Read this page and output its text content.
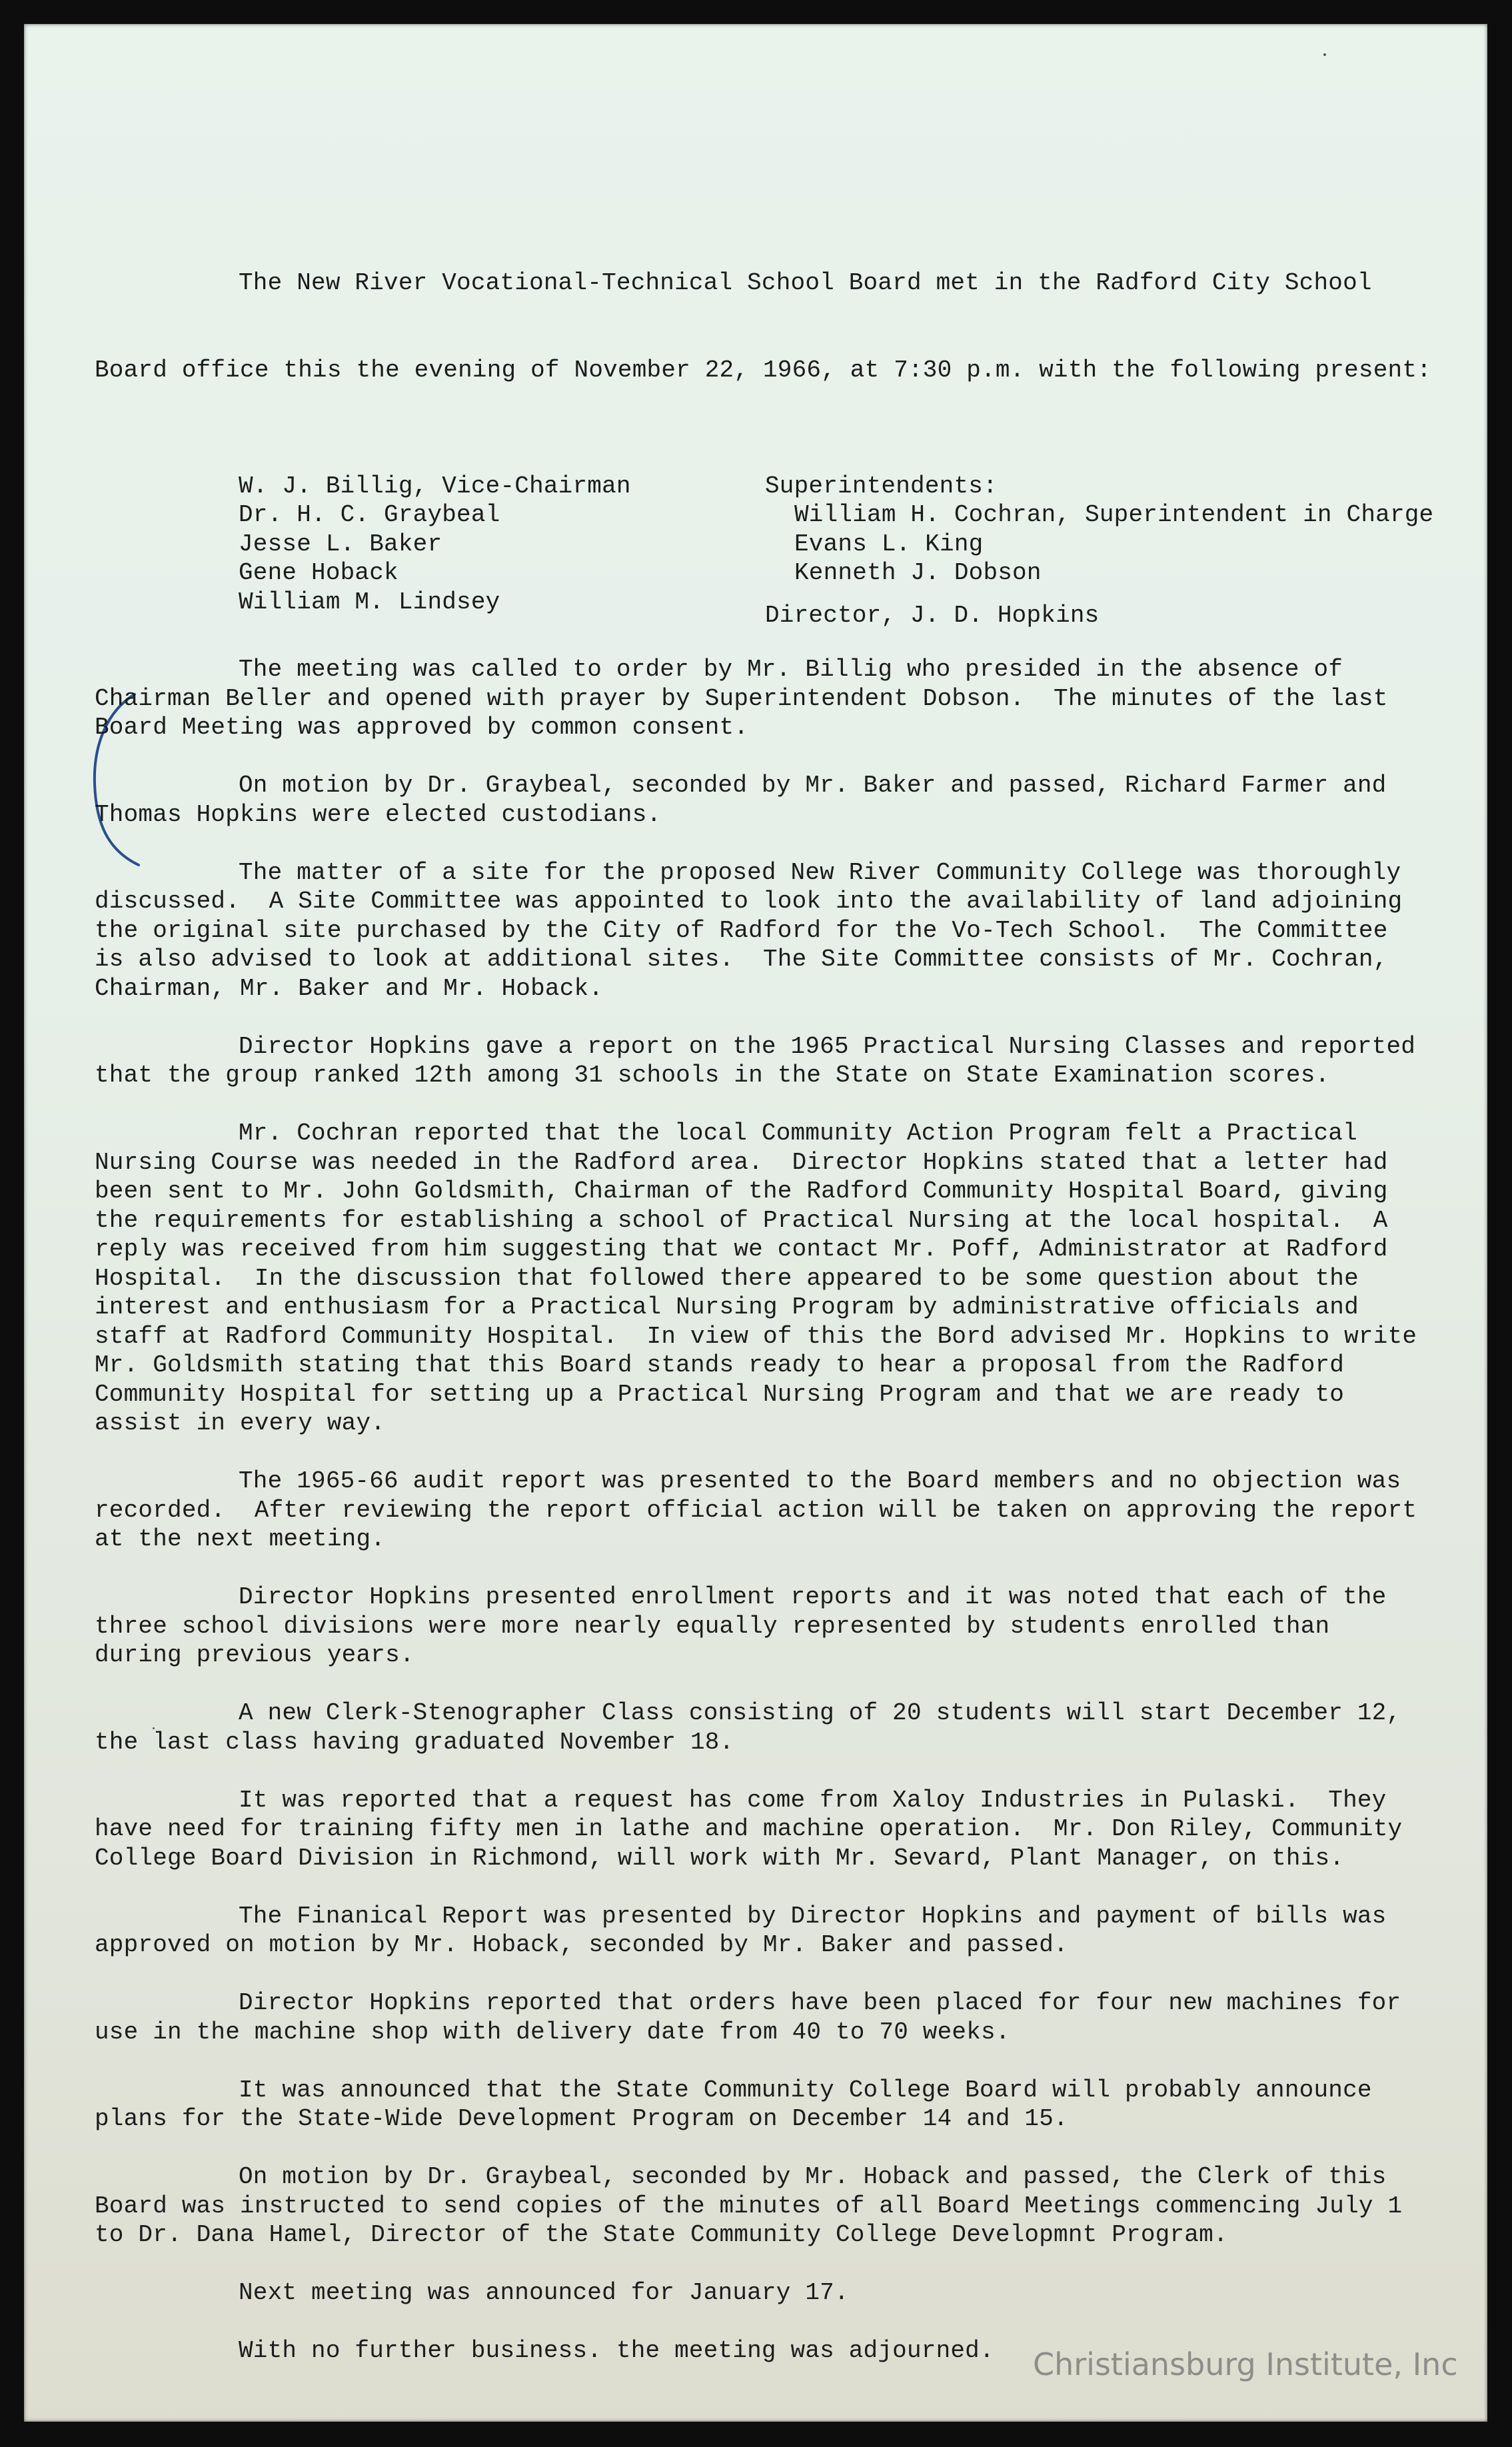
The New River Vocational-Technical School Board met in the Radford City School

Board office this the evening of November 22, 1966, at 7:30 p.m. with the following present:

W. J. Billig, Vice-Chairman
Dr. H. C. Graybeal
Jesse L. Baker
Gene Hoback
William M. Lindsey
Superintendents:
William H. Cochran, Superintendent in Charge
Evans L. King
Kenneth J. Dobson
Director, J. D. Hopkins
The meeting was called to order by Mr. Billig who presided in the absence of
Chairman Beller and opened with prayer by Superintendent Dobson.  The minutes of the last
Board Meeting was approved by common consent.
On motion by Dr. Graybeal, seconded by Mr. Baker and passed, Richard Farmer and
Thomas Hopkins were elected custodians.
The matter of a site for the proposed New River Community College was thoroughly
discussed.  A Site Committee was appointed to look into the availability of land adjoining
the original site purchased by the City of Radford for the Vo-Tech School.  The Committee
is also advised to look at additional sites.  The Site Committee consists of Mr. Cochran,
Chairman, Mr. Baker and Mr. Hoback.
Director Hopkins gave a report on the 1965 Practical Nursing Classes and reported
that the group ranked 12th among 31 schools in the State on State Examination scores.
Mr. Cochran reported that the local Community Action Program felt a Practical
Nursing Course was needed in the Radford area.  Director Hopkins stated that a letter had
been sent to Mr. John Goldsmith, Chairman of the Radford Community Hospital Board, giving
the requirements for establishing a school of Practical Nursing at the local hospital.  A
reply was received from him suggesting that we contact Mr. Poff, Administrator at Radford
Hospital.  In the discussion that followed there appeared to be some question about the
interest and enthusiasm for a Practical Nursing Program by administrative officials and
staff at Radford Community Hospital.  In view of this the Bord advised Mr. Hopkins to write
Mr. Goldsmith stating that this Board stands ready to hear a proposal from the Radford
Community Hospital for setting up a Practical Nursing Program and that we are ready to
assist in every way.
The 1965-66 audit report was presented to the Board members and no objection was
recorded.  After reviewing the report official action will be taken on approving the report
at the next meeting.
Director Hopkins presented enrollment reports and it was noted that each of the
three school divisions were more nearly equally represented by students enrolled than
during previous years.
A new Clerk-Stenographer Class consisting of 20 students will start December 12,
the last class having graduated November 18.
It was reported that a request has come from Xaloy Industries in Pulaski.  They
have need for training fifty men in lathe and machine operation.  Mr. Don Riley, Community
College Board Division in Richmond, will work with Mr. Sevard, Plant Manager, on this.
The Finanical Report was presented by Director Hopkins and payment of bills was
approved on motion by Mr. Hoback, seconded by Mr. Baker and passed.
Director Hopkins reported that orders have been placed for four new machines for
use in the machine shop with delivery date from 40 to 70 weeks.
It was announced that the State Community College Board will probably announce
plans for the State-Wide Development Program on December 14 and 15.
On motion by Dr. Graybeal, seconded by Mr. Hoback and passed, the Clerk of this
Board was instructed to send copies of the minutes of all Board Meetings commencing July 1
to Dr. Dana Hamel, Director of the State Community College Developmnt Program.
Next meeting was announced for January 17.
With no further business. the meeting was adjourned.	Christiansburg Institute, Inc
